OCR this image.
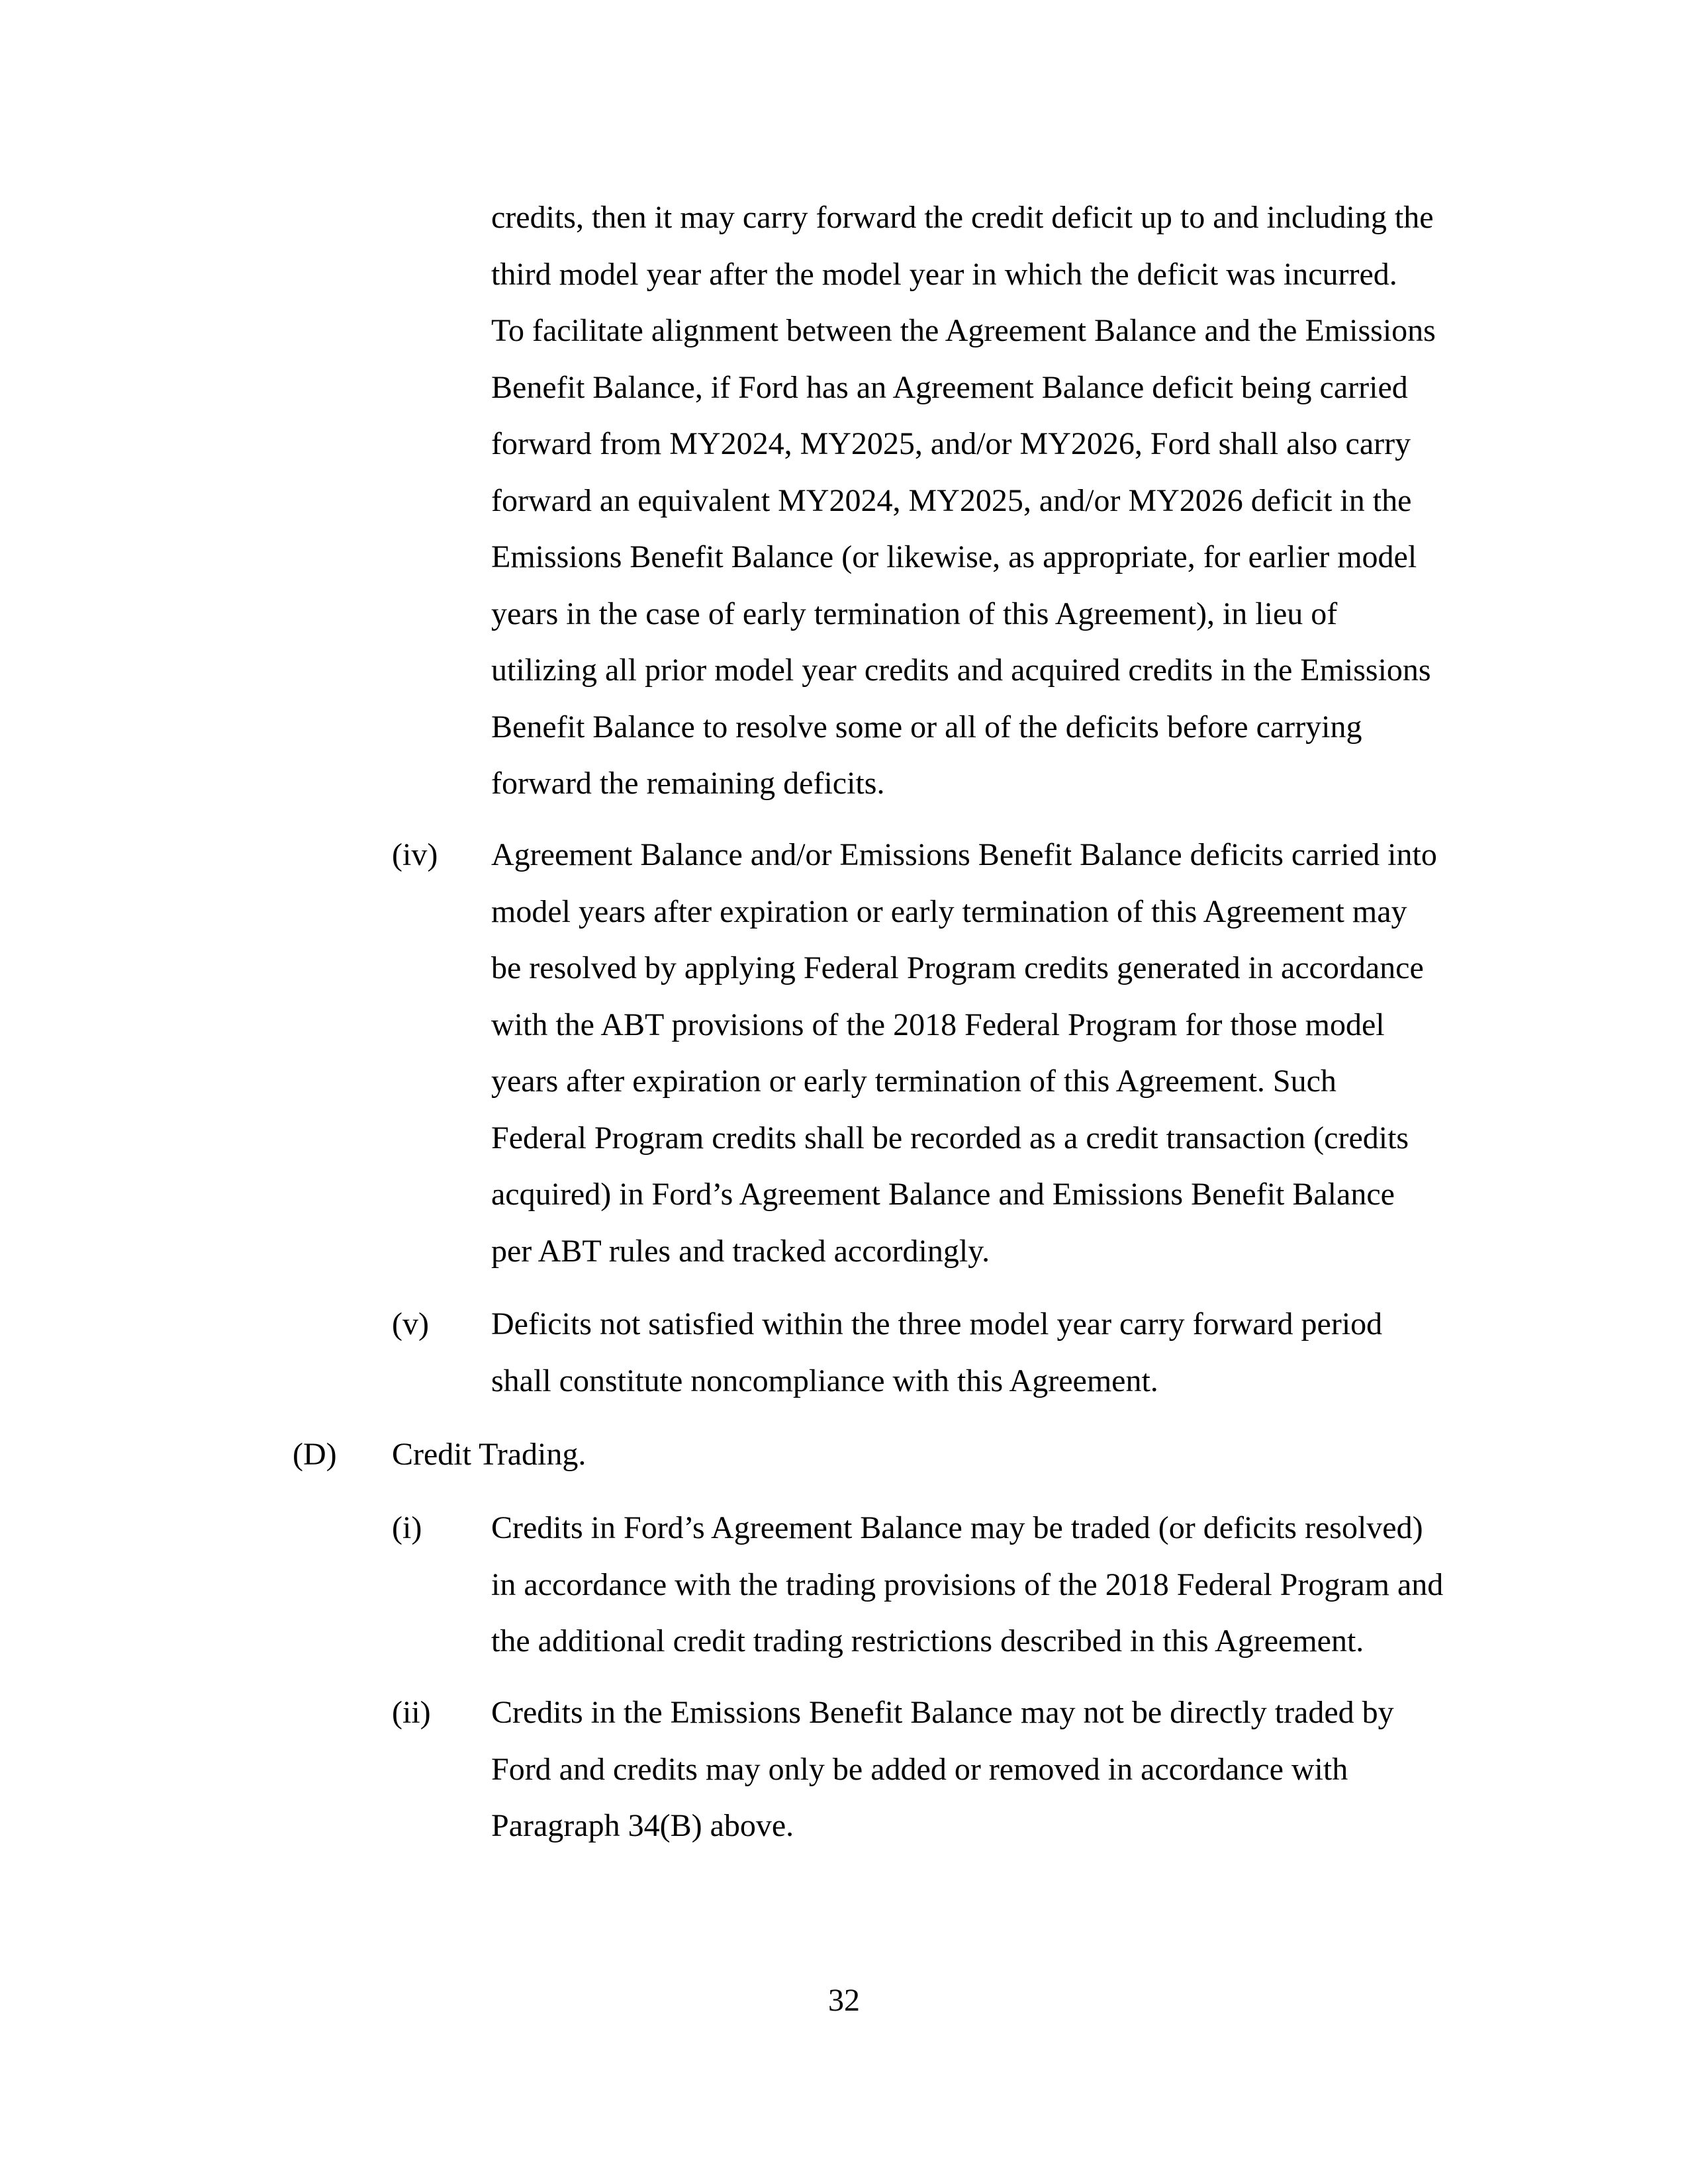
credits, then it may carry forward the credit deficit up to and including the
third model year after the model year in which the deficit was incurred.
To facilitate alignment between the Agreement Balance and the Emissions
Benefit Balance, if Ford has an Agreement Balance deficit being carried
forward from MY2024, MY2025, and/or MY2026, Ford shall also carry
forward an equivalent MY2024, MY2025, and/or MY2026 deficit in the
Emissions Benefit Balance (or likewise, as appropriate, for earlier model
years in the case of early termination of this Agreement), in lieu of
utilizing all prior model year credits and acquired credits in the Emissions
Benefit Balance to resolve some or all of the deficits before carrying
forward the remaining deficits.
(iv) Agreement Balance and/or Emissions Benefit Balance deficits carried into
model years after expiration or early termination of this Agreement may
be resolved by applying Federal Program credits generated in accordance
with the ABT provisions of the 2018 Federal Program for those model
years after expiration or early termination of this Agreement. Such
Federal Program credits shall be recorded as a credit transaction (credits
acquired) in Ford’s Agreement Balance and Emissions Benefit Balance
per ABT rules and tracked accordingly.
(v) Deficits not satisfied within the three model year carry forward period
shall constitute noncompliance with this Agreement.
(D) Credit Trading.
(i) Credits in Ford’s Agreement Balance may be traded (or deficits resolved)
in accordance with the trading provisions of the 2018 Federal Program and
the additional credit trading restrictions described in this Agreement.
(ii) Credits in the Emissions Benefit Balance may not be directly traded by
Ford and credits may only be added or removed in accordance with
Paragraph 34(B) above.
32
